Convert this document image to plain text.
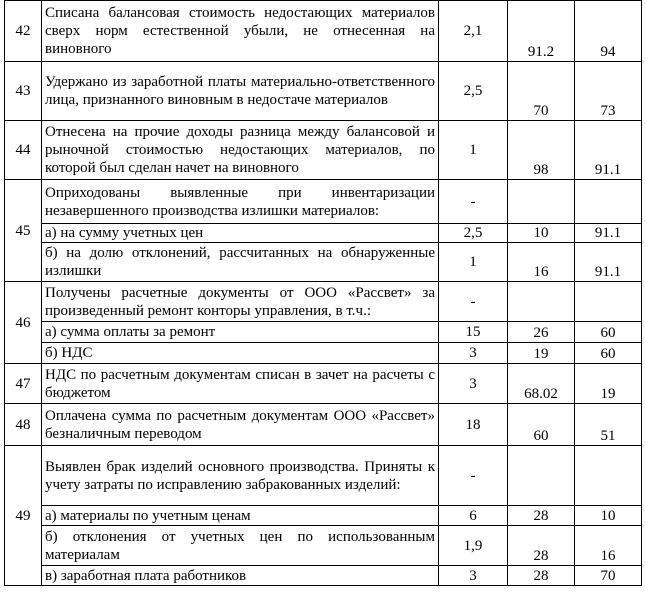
42	Списана балансовая стоимость недостающих материалов сверх норм естественной убыли, не отнесенная на виновного	2,1	91.2	94
43	Удержано из заработной платы материально-ответственного лица, признанного виновным в недостаче материалов	2,5	70	73
44	Отнесена на прочие доходы разница между балансовой и рыночной стоимостью недостающих материалов, по которой был сделан начет на виновного	1	98	91.1
45	Оприходованы выявленные при инвентаризации незавершенного производства излишки материалов:	-		
	а) на сумму учетных цен	2,5	10	91.1
	б) на долю отклонений, рассчитанных на обнаруженные излишки	1	16	91.1
46	Получены расчетные документы от ООО «Рассвет» за произведенный ремонт конторы управления, в т.ч.:	-		
	а) сумма оплаты за ремонт	15	26	60
	б) НДС	3	19	60
47	НДС по расчетным документам списан в зачет на расчеты с бюджетом	3	68.02	19
48	Оплачена сумма по расчетным документам ООО «Рассвет» безналичным переводом	18	60	51
49	Выявлен брак изделий основного производства. Приняты к учету затраты по исправлению забракованных изделий:	-		
	а) материалы по учетным ценам	6	28	10
	б) отклонения от учетных цен по использованным материалам	1,9	28	16
	в) заработная плата работников	3	28	70
